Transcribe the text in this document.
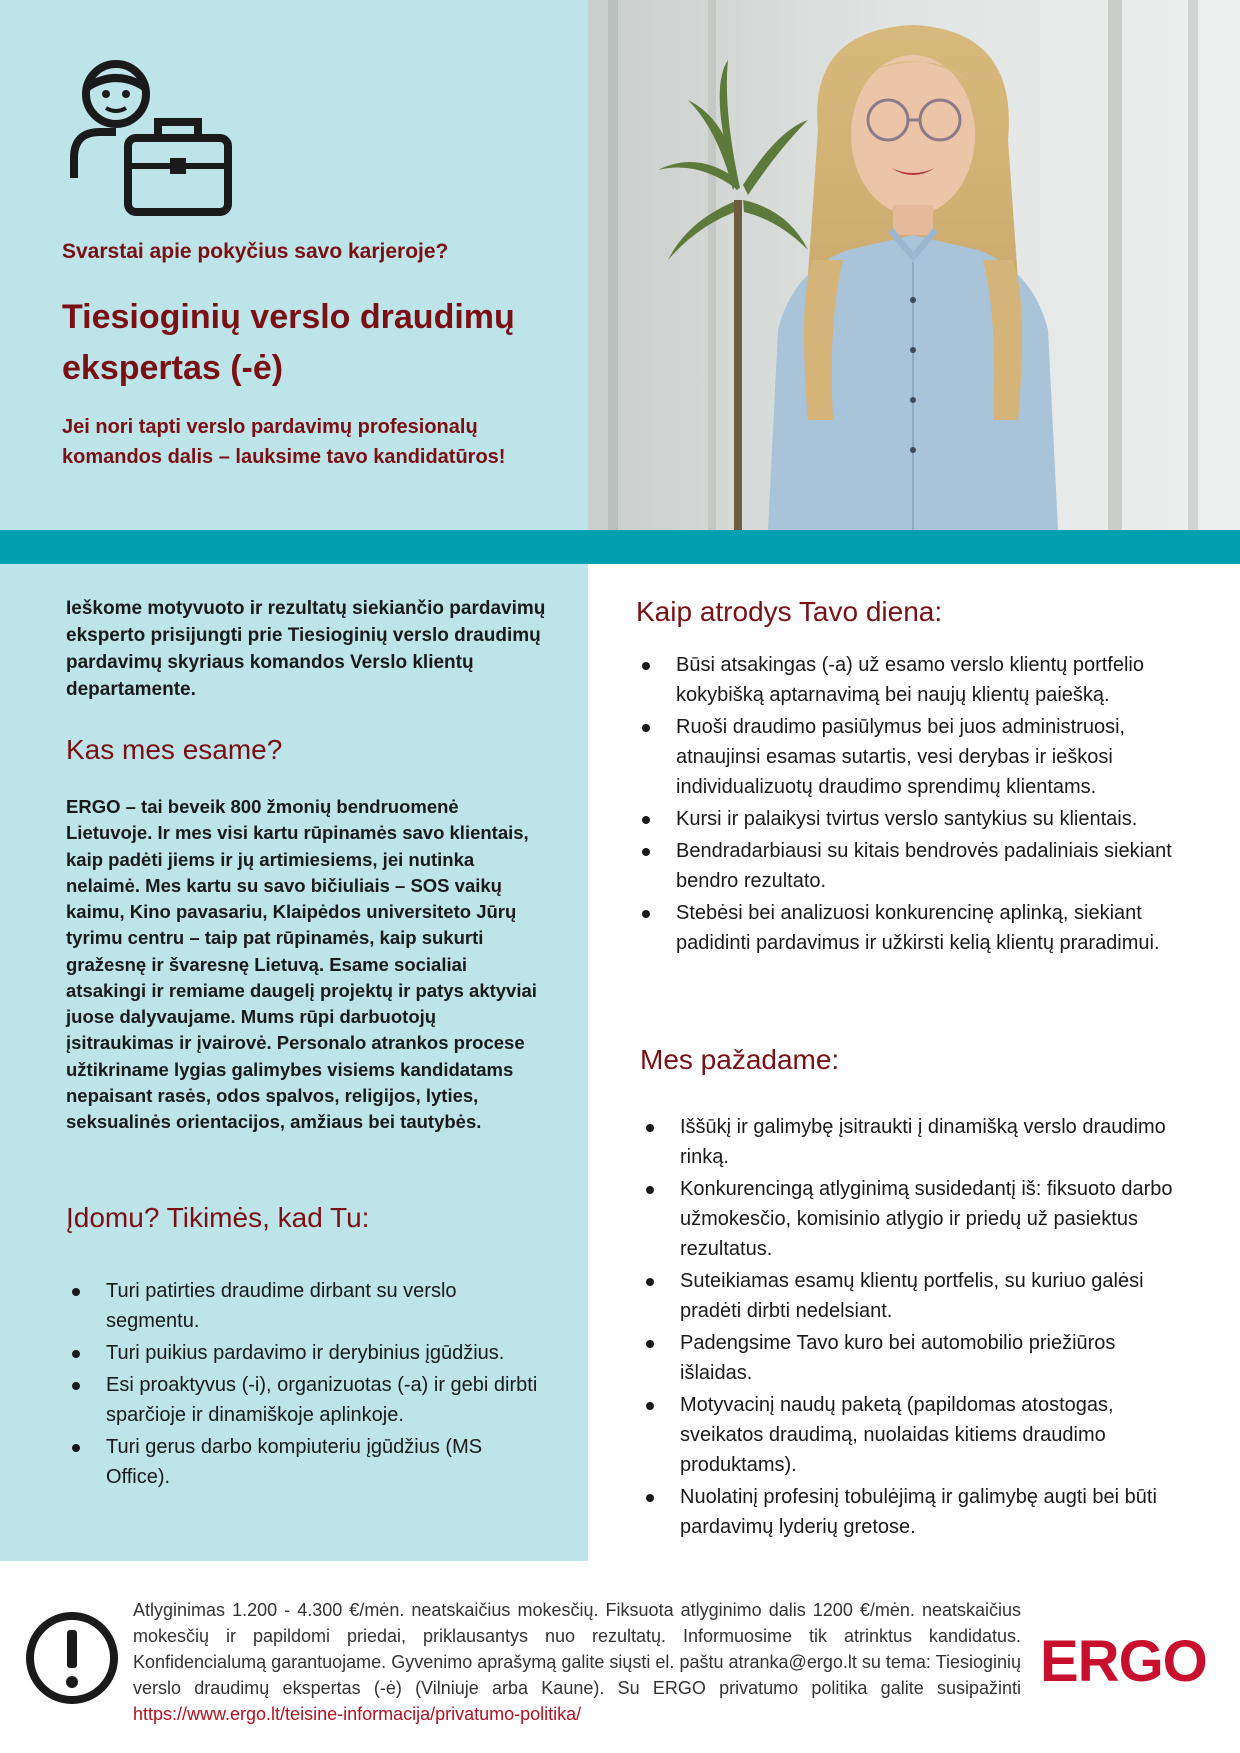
Svarstai apie pokyčius savo karjeroje?
Tiesioginių verslo draudimų ekspertas (-ė)
Jei nori tapti verslo pardavimų profesionalų komandos dalis – lauksime tavo kandidatūros!
Ieškome motyvuoto ir rezultatų siekiančio pardavimų eksperto prisijungti prie Tiesioginių verslo draudimų pardavimų skyriaus komandos Verslo klientų departamente.
Kas mes esame?
ERGO – tai beveik 800 žmonių bendruomenė Lietuvoje. Ir mes visi kartu rūpinamės savo klientais, kaip padėti jiems ir jų artimiesiems, jei nutinka nelaimė. Mes kartu su savo bičiuliais – SOS vaikų kaimu, Kino pavasariu, Klaipėdos universiteto Jūrų tyrimu centru – taip pat rūpinamės, kaip sukurti gražesnę ir švaresnę Lietuvą. Esame socialiai atsakingi ir remiame daugelį projektų ir patys aktyviai juose dalyvaujame. Mums rūpi darbuotojų įsitraukimas ir įvairovė. Personalo atrankos procese užtikriname lygias galimybes visiems kandidatams nepaisant rasės, odos spalvos, religijos, lyties, seksualinės orientacijos, amžiaus bei tautybės.
Įdomu? Tikimės, kad Tu:
Turi patirties draudime dirbant su verslo segmentu.
Turi puikius pardavimo ir derybinius įgūdžius.
Esi proaktyvus (-i), organizuotas (-a) ir gebi dirbti sparčioje ir dinamiškoje aplinkoje.
Turi gerus darbo kompiuteriu įgūdžius (MS Office).
Kaip atrodys Tavo diena:
Būsi atsakingas (-a) už esamo verslo klientų portfelio kokybišką aptarnavimą bei naujų klientų paiešką.
Ruoši draudimo pasiūlymus bei juos administruosi, atnaujinsi esamas sutartis, vesi derybas ir ieškosi individualizuotų draudimo sprendimų klientams.
Kursi ir palaikysi tvirtus verslo santykius su klientais.
Bendradarbiausi su kitais bendrovės padaliniais siekiant bendro rezultato.
Stebėsi bei analizuosi konkurencinę aplinką, siekiant padidinti pardavimus ir užkirsti kelią klientų praradimui.
Mes pažadame:
Iššūkį ir galimybę įsitraukti į dinamišką verslo draudimo rinką.
Konkurencingą atlyginimą susidedantį iš: fiksuoto darbo užmokesčio, komisinio atlygio ir priedų už pasiektus rezultatus.
Suteikiamas esamų klientų portfelis, su kuriuo galėsi pradėti dirbti nedelsiant.
Padengsime Tavo kuro bei automobilio priežiūros išlaidas.
Motyvacinį naudų paketą (papildomas atostogas, sveikatos draudimą, nuolaidas kitiems draudimo produktams).
Nuolatinį profesinį tobulėjimą ir galimybę augti bei būti pardavimų lyderių gretose.
Atlyginimas 1.200 - 4.300 €/mėn. neatskaičius mokesčių. Fiksuota atlyginimo dalis 1200 €/mėn. neatskaičius mokesčių ir papildomi priedai, priklausantys nuo rezultatų. Informuosime tik atrinktus kandidatus. Konfidencialumą garantuojame. Gyvenimo aprašymą galite siųsti el. paštu atranka@ergo.lt su tema: Tiesioginių verslo draudimų ekspertas (-ė) (Vilniuje arba Kaune). Su ERGO privatumo politika galite susipažinti https://www.ergo.lt/teisine-informacija/privatumo-politika/
ERGO
